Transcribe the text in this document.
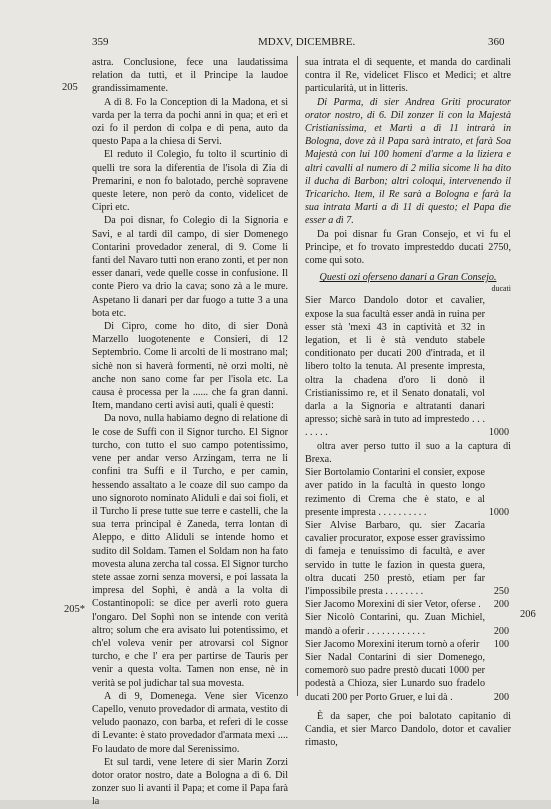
359	MDXV, DICEMBRE.	360
205
205*	206

astra. Conclusione, fece una laudatissima relation da tutti, et il Principe la laudoe grandissimamente.

A dì 8. Fo la Conception di la Madona, et si varda per la terra da pochi anni in qua; et eri et ozi fo il perdon di colpa e di pena, auto da questo Papa a la chiesa di Servi.

El reduto il Colegio, fu tolto il scurtinio di quelli tre sora la diferentia de l'isola di Zia di Premarini, e non fo balotado, perchè sopravene queste letere, non però da conto, videlicet de Cipri etc.

Da poi disnar, fo Colegio di la Signoria e Savi, e al tardi dil campo, di sier Domenego Contarini provedador zeneral, di 9. Come li fanti del Navaro tutti non erano zonti, et per non esser danari, vede quelle cosse in confusione. Il conte Piero va drio la cava; sono zà a le mure. Aspetano li danari per dar fuogo a tutte 3 a una bota etc.

Di Cipro, come ho dito, di sier Donà Marzello luogotenente e Consieri, di 12 Septembrio. Come li arcolti de li mostrano mal; sichè non si haverà formenti, nè orzi molti, nè anche non sano come far per l'isola etc. La causa è processa per la ...... che fa gran danni. Item, mandano certi avisi auti, quali è questi:

Da novo, nulla habiamo degno di relatione di le cose de Suffi con il Signor turcho. El Signor turcho, con tutto el suo campo potentissimo, vene per andar verso Arzingam, terra ne li confini tra Suffi e il Turcho, e per camin, hessendo assaltato a le coaze dil suo campo da uno signoroto nominato Aliduli e dai soi fioli, et il Turcho li prese tutte sue terre e castelli, che la sua terra principal è Zaneda, terra lontan di Aleppo, e ditto Aliduli se intende homo et sudito dil Soldam. Tamen el Soldam non ha fato movesta aluna zercha tal cossa. El Signor turcho stete assae zorni senza moversi, e poi lassata la impresa del Sophì, è andà a la volta di Costantinopoli: se dice per averli roto guera l'ongaro. Del Sophì non se intende con verità altro; solum che era avisato lui potentissimo, et ch'el voleva venir per atrovarsi col Signor turcho, e che l' era per partirse de Tauris per venir a questa volta. Tamen non ense, nè in verità se pol judichar tal sua movesta.

A dì 9, Domenega. Vene sier Vicenzo Capello, venuto provedador di armata, vestito di veludo paonazo, con barba, et referì di le cosse di Levante: è stato provedador d'armata mexi .... Fo laudato de more dal Serenissimo.

Et sul tardi, vene letere di sier Marin Zorzi dotor orator nostro, date a Bologna a dì 6. Dil zonzer suo li avanti il Papa; et come il Papa farà la

sua intrata el dì sequente, et manda do cardinali contra il Re, videlicet Flisco et Medici; et altre particularità, ut in litteris.

Di Parma, di sier Andrea Griti procurator orator nostro, di 6. Dil zonzer li con la Majestà Cristianissima, et Martì a dì 11 intrarà in Bologna, dove zà il Papa sarà intrato, et farà Soa Majestà con lui 100 homeni d'arme a la liziera e altri cavalli al numero di 2 milia sicome li ha dito il ducha di Barbon; altri coloqui, intervenendo il Tricaricho. Item, il Re sarà a Bologna e farà la sua intrata Marti a dì 11 di questo; el Papa dìe esser a dì 7.

Da poi disnar fu Gran Consejo, et vi fu el Principe, et fo trovato impresteddo ducati 2750, come qui soto.

Questi ozi oferseno danari a Gran Consejo.

ducati

Sier Marco Dandolo dotor et cavalier, expose la sua facultà esser andà in ruina per esser stà 'mexi 43 in captività et 32 in legation, et li è stà venduto stabele conditionato per ducati 200 d'intrada, et il libero tolto la tenuta. Al presente impresta, oltra la chadena d'oro li donò il Cristianissimo re, et il Senato donatali, vol darla a la Signoria e altratanti danari apresso; sichè sarà in tuto ad imprestedo . . . . . . . .	1000

oltra aver perso tutto il suo a la captura di Brexa.

Sier Bortolamio Contarini el consier, expose aver patido in la facultà in questo longo rezimento di Crema che è stato, e al presente impresta . . . . . . . . . .	1000

Sier Alvise Barbaro, qu. sier Zacaria cavalier procurator, expose esser gravissimo di fameja e tenuissimo di facultà, e aver servido in tutte le fazion in questa guera, oltra ducati 250 prestò, etiam per far l'impossibile presta . . . . . . . .	250

Sier Jacomo Morexini di sier Vetor, oferse . 200

Sier Nicolò Contarini, qu. Zuan Michiel, mandò a oferir . . . . . . . . . . . .	200

Sier Jacomo Morexini iterum tornò a oferir 100

Sier Nadal Contarini di sier Domenego, comemorò suo padre prestò ducati 1000 per podestà a Chioza, sier Lunardo suo fradelo ducati 200 per Porto Gruer, e lui dà .	200

È da saper, che poi balotato capitanio di Candia, et sier Marco Dandolo, dotor et cavalier rimasto,
